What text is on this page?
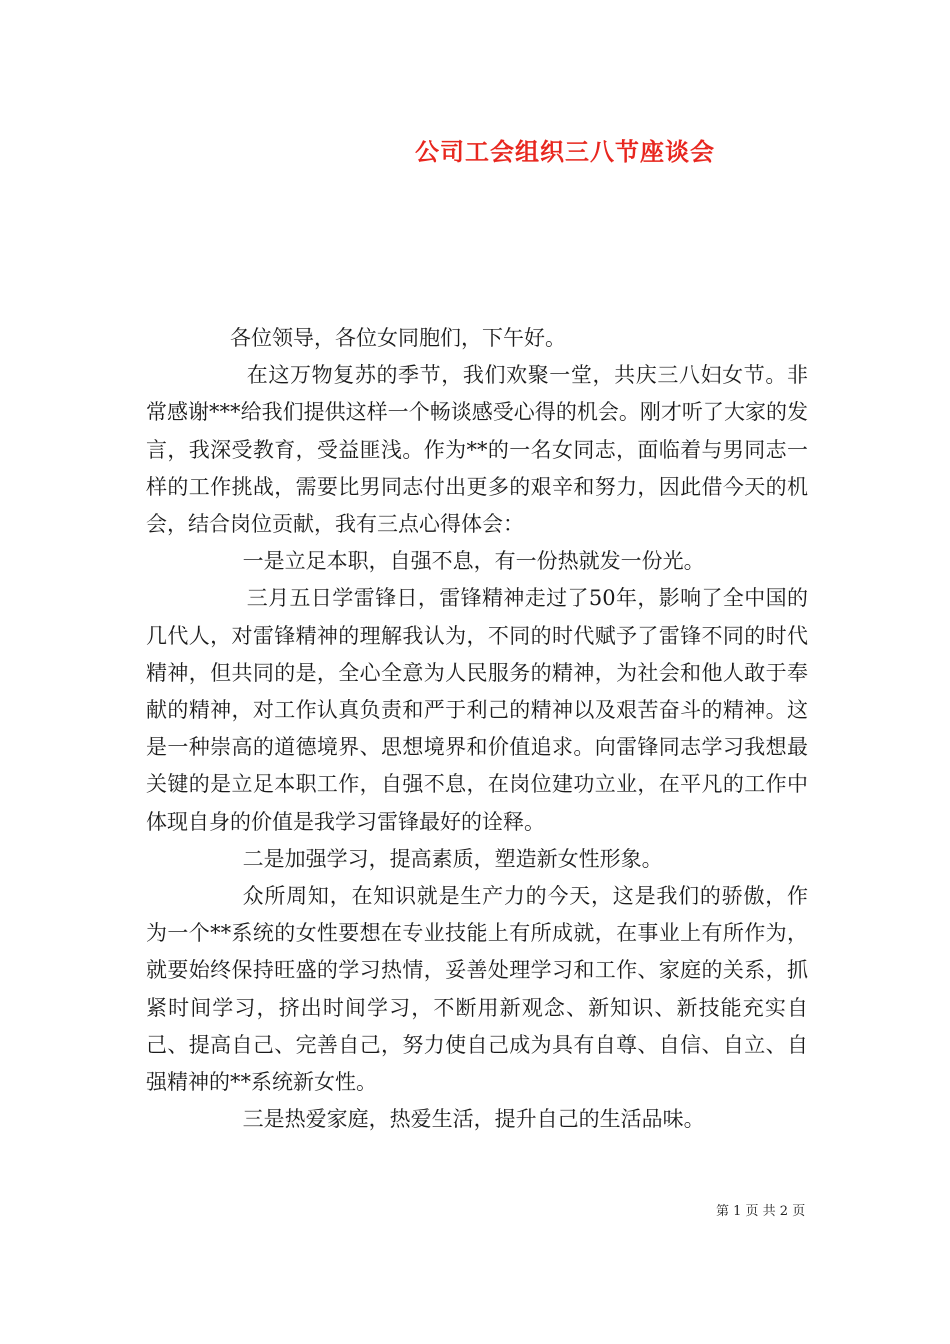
公司工会组织三八节座谈会

各位领导，各位女同胞们，下午好。

在这万物复苏的季节，我们欢聚一堂，共庆三八妇女节。非常感谢***给我们提供这样一个畅谈感受心得的机会。刚才听了大家的发言，我深受教育，受益匪浅。作为**的一名女同志，面临着与男同志一样的工作挑战，需要比男同志付出更多的艰辛和努力，因此借今天的机会，结合岗位贡献，我有三点心得体会：

一是立足本职，自强不息，有一份热就发一份光。

三月五日学雷锋日，雷锋精神走过了50年，影响了全中国的几代人，对雷锋精神的理解我认为，不同的时代赋予了雷锋不同的时代精神，但共同的是，全心全意为人民服务的精神，为社会和他人敢于奉献的精神，对工作认真负责和严于利己的精神以及艰苦奋斗的精神。这是一种崇高的道德境界、思想境界和价值追求。向雷锋同志学习我想最关键的是立足本职工作，自强不息，在岗位建功立业，在平凡的工作中体现自身的价值是我学习雷锋最好的诠释。

二是加强学习，提高素质，塑造新女性形象。

众所周知，在知识就是生产力的今天，这是我们的骄傲，作为一个**系统的女性要想在专业技能上有所成就，在事业上有所作为，就要始终保持旺盛的学习热情，妥善处理学习和工作、家庭的关系，抓紧时间学习，挤出时间学习，不断用新观念、新知识、新技能充实自己、提高自己、完善自己，努力使自己成为具有自尊、自信、自立、自强精神的**系统新女性。

三是热爱家庭，热爱生活，提升自己的生活品味。

第 1 页 共 2 页
